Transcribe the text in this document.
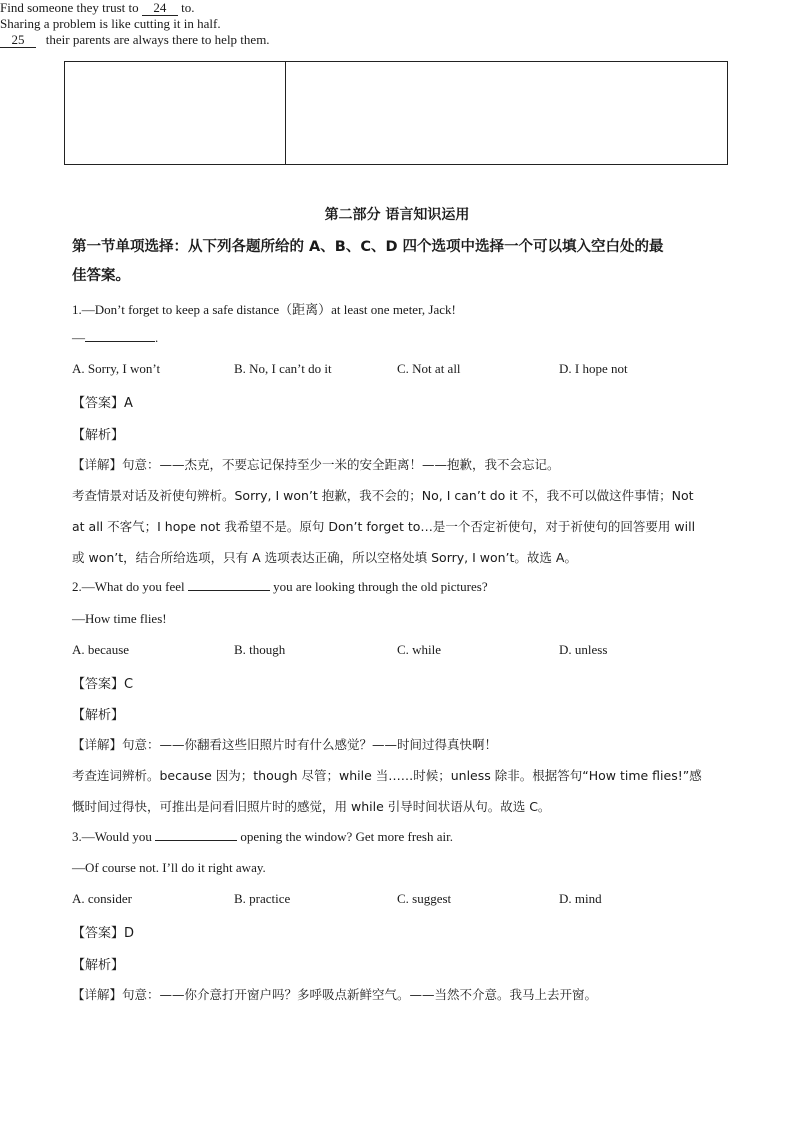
Find someone they trust to 24 to.
Sharing a problem is like cutting it in half.
25 their parents are always there to help them.
第二部分 语言知识运用
第一节单项选择：从下列各题所给的 A、B、C、D 四个选项中选择一个可以填入空白处的最
佳答案。
1.—Don’t forget to keep a safe distance（距离）at least one meter, Jack!
—	.
A. Sorry, I won’t	B. No, I can’t do it	C. Not at all	D. I hope not
【答案】A
【解析】
【详解】句意：——杰克，不要忘记保持至少一米的安全距离！——抱歉，我不会忘记。
考查情景对话及祈使句辨析。Sorry, I won’t 抱歉，我不会的；No, I can’t do it 不，我不可以做这件事情；Not
at all 不客气；I hope not 我希望不是。原句 Don’t forget to…是一个否定祈使句，对于祈使句的回答要用 will
或 won’t，结合所给选项，只有 A 选项表达正确，所以空格处填 Sorry, I won’t。故选 A。
2.—What do you feel	you are looking through the old pictures?
—How time flies!
A. because	B. though	C. while	D. unless
【答案】C
【解析】
【详解】句意：——你翻看这些旧照片时有什么感觉？——时间过得真快啊！
考查连词辨析。because 因为；though 尽管；while 当……时候；unless 除非。根据答句“How time flies!”感
慨时间过得快，可推出是问看旧照片时的感觉，用 while 引导时间状语从句。故选 C。
3.—Would you	opening the window? Get more fresh air.
—Of course not. I’ll do it right away.
A. consider	B. practice	C. suggest	D. mind
【答案】D
【解析】
【详解】句意：——你介意打开窗户吗？多呼吸点新鲜空气。——当然不介意。我马上去开窗。
